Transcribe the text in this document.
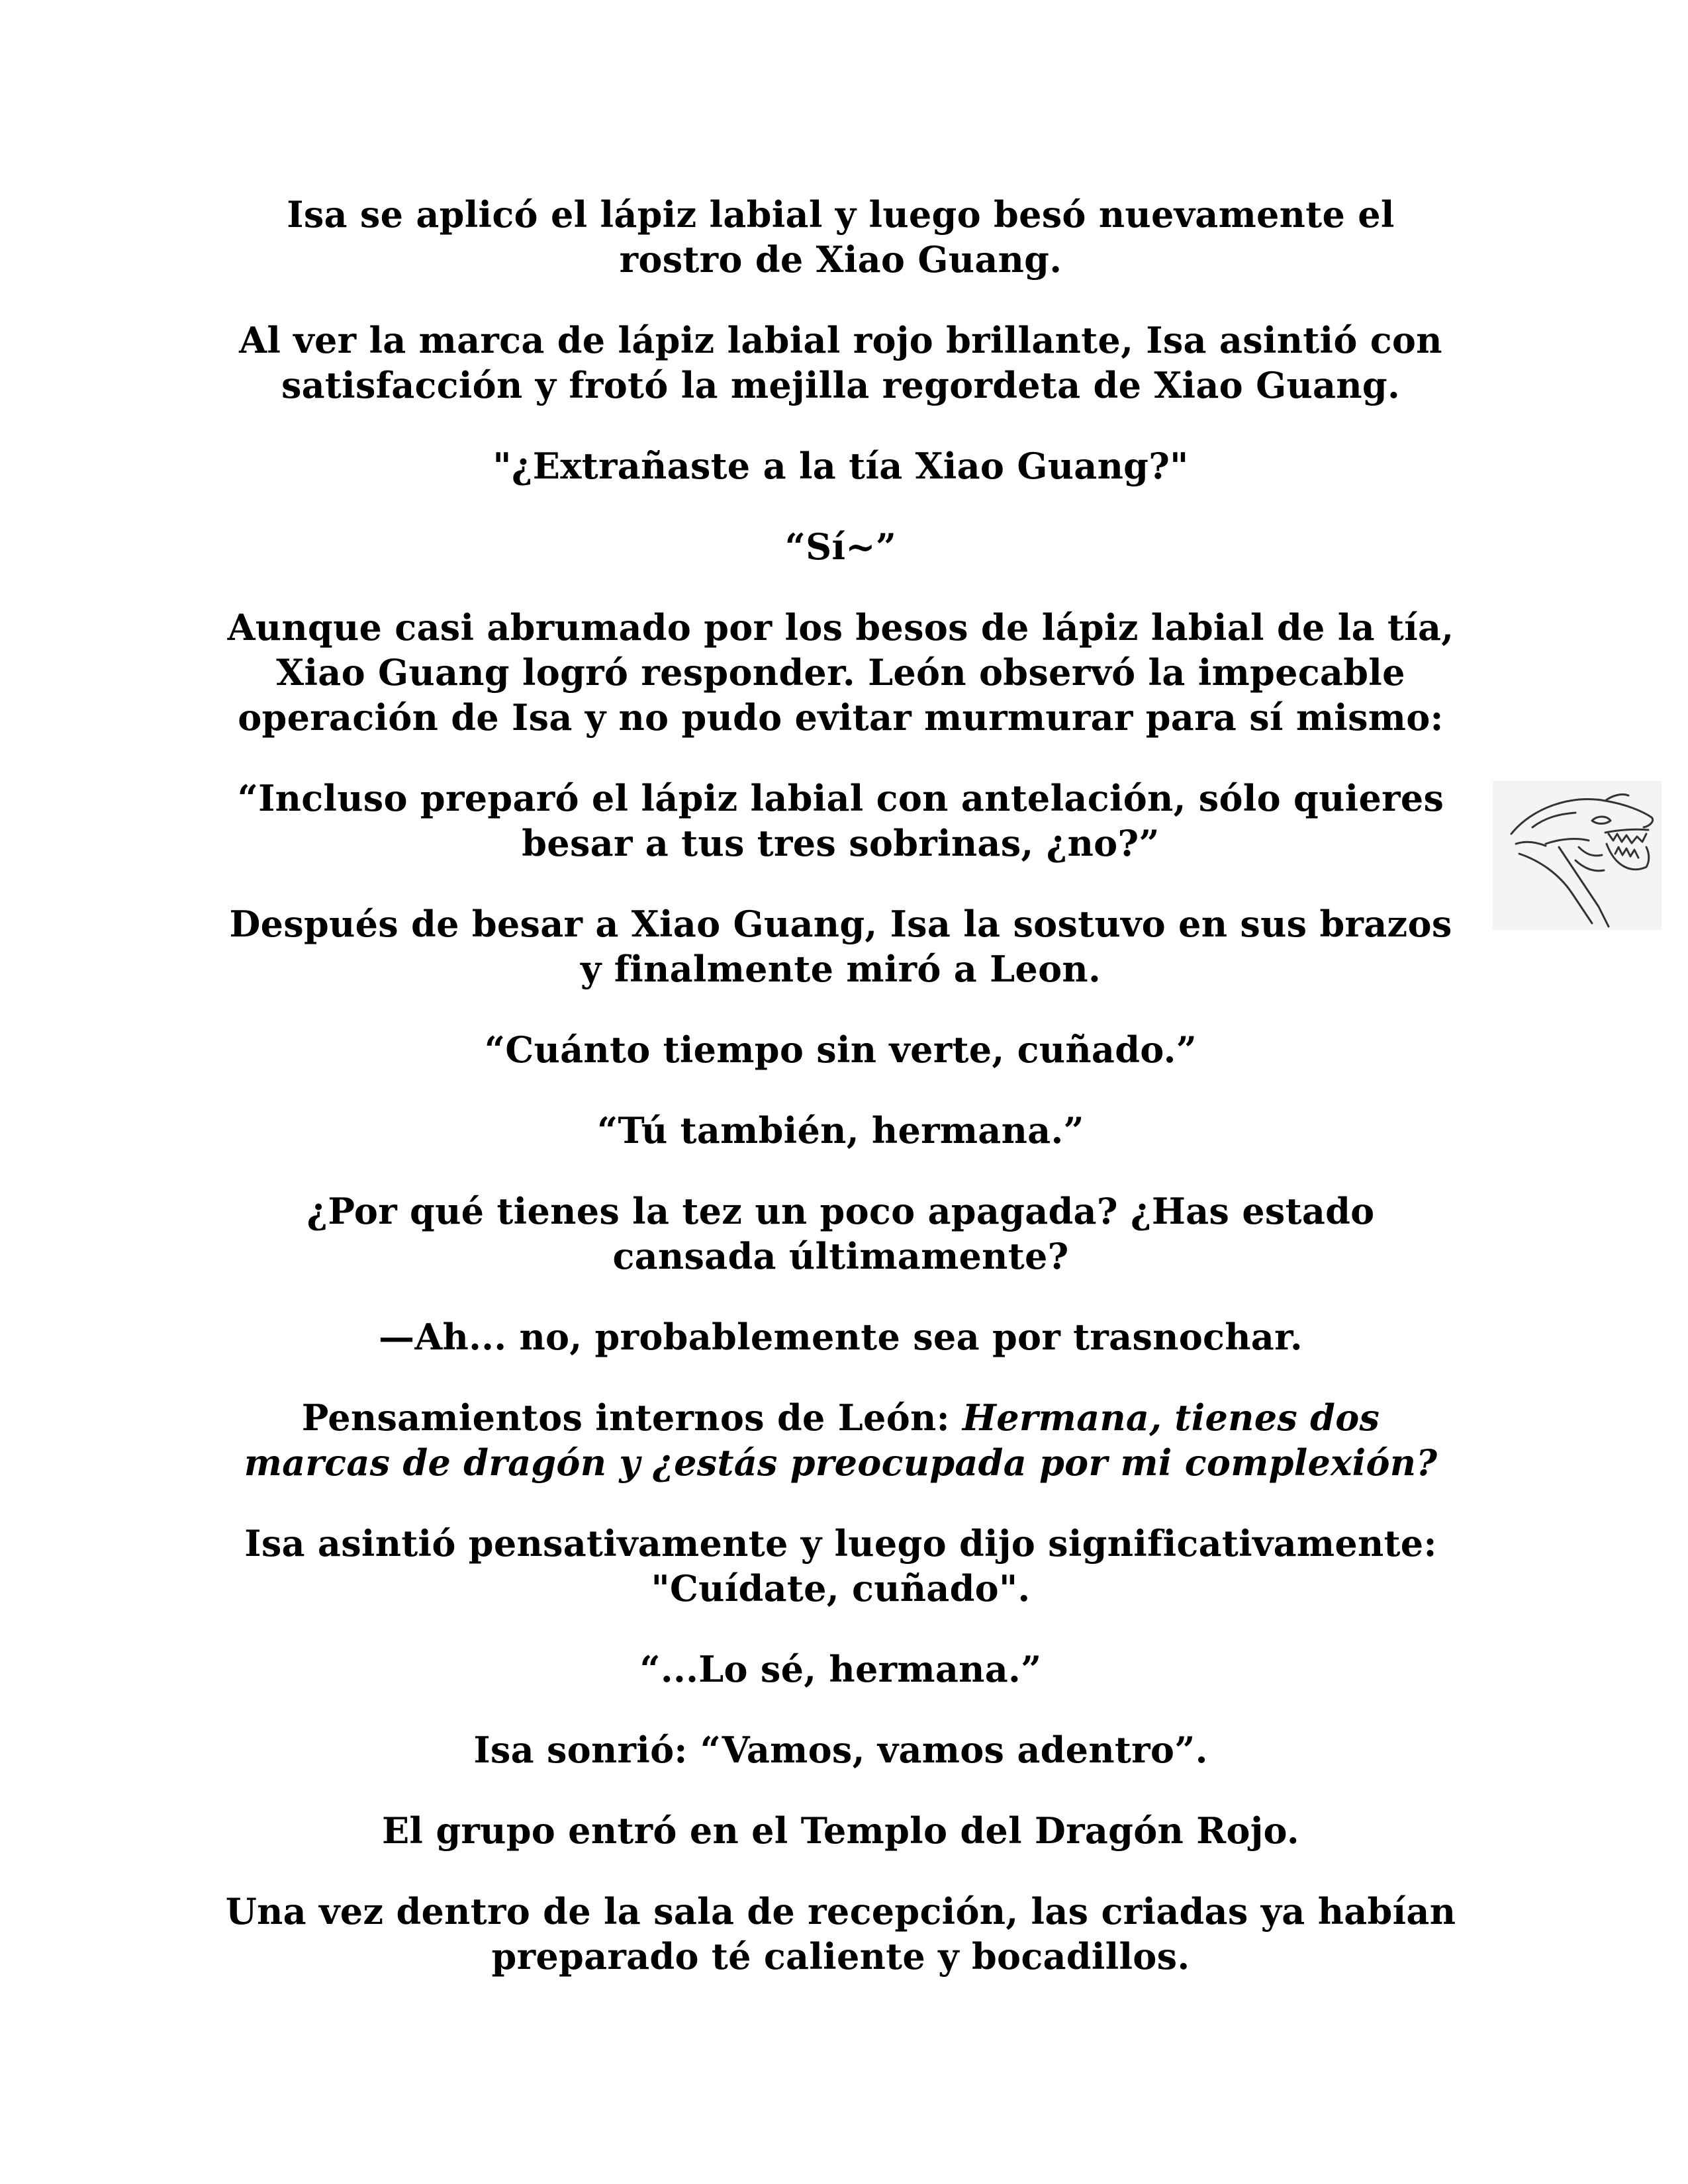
Isa se aplicó el lápiz labial y luego besó nuevamente el rostro de Xiao Guang.

Al ver la marca de lápiz labial rojo brillante, Isa asintió con satisfacción y frotó la mejilla regordeta de Xiao Guang.

"¿Extrañaste a la tía Xiao Guang?"

“Sí~”

Aunque casi abrumado por los besos de lápiz labial de la tía, Xiao Guang logró responder. León observó la impecable operación de Isa y no pudo evitar murmurar para sí mismo:

“Incluso preparó el lápiz labial con antelación, sólo quieres besar a tus tres sobrinas, ¿no?”

Después de besar a Xiao Guang, Isa la sostuvo en sus brazos y finalmente miró a Leon.

“Cuánto tiempo sin verte, cuñado.”

“Tú también, hermana.”

¿Por qué tienes la tez un poco apagada? ¿Has estado cansada últimamente?

—Ah... no, probablemente sea por trasnochar.

Pensamientos internos de León: Hermana, tienes dos marcas de dragón y ¿estás preocupada por mi complexión?

Isa asintió pensativamente y luego dijo significativamente: "Cuídate, cuñado".

“...Lo sé, hermana.”

Isa sonrió: “Vamos, vamos adentro”.

El grupo entró en el Templo del Dragón Rojo.

Una vez dentro de la sala de recepción, las criadas ya habían preparado té caliente y bocadillos.
